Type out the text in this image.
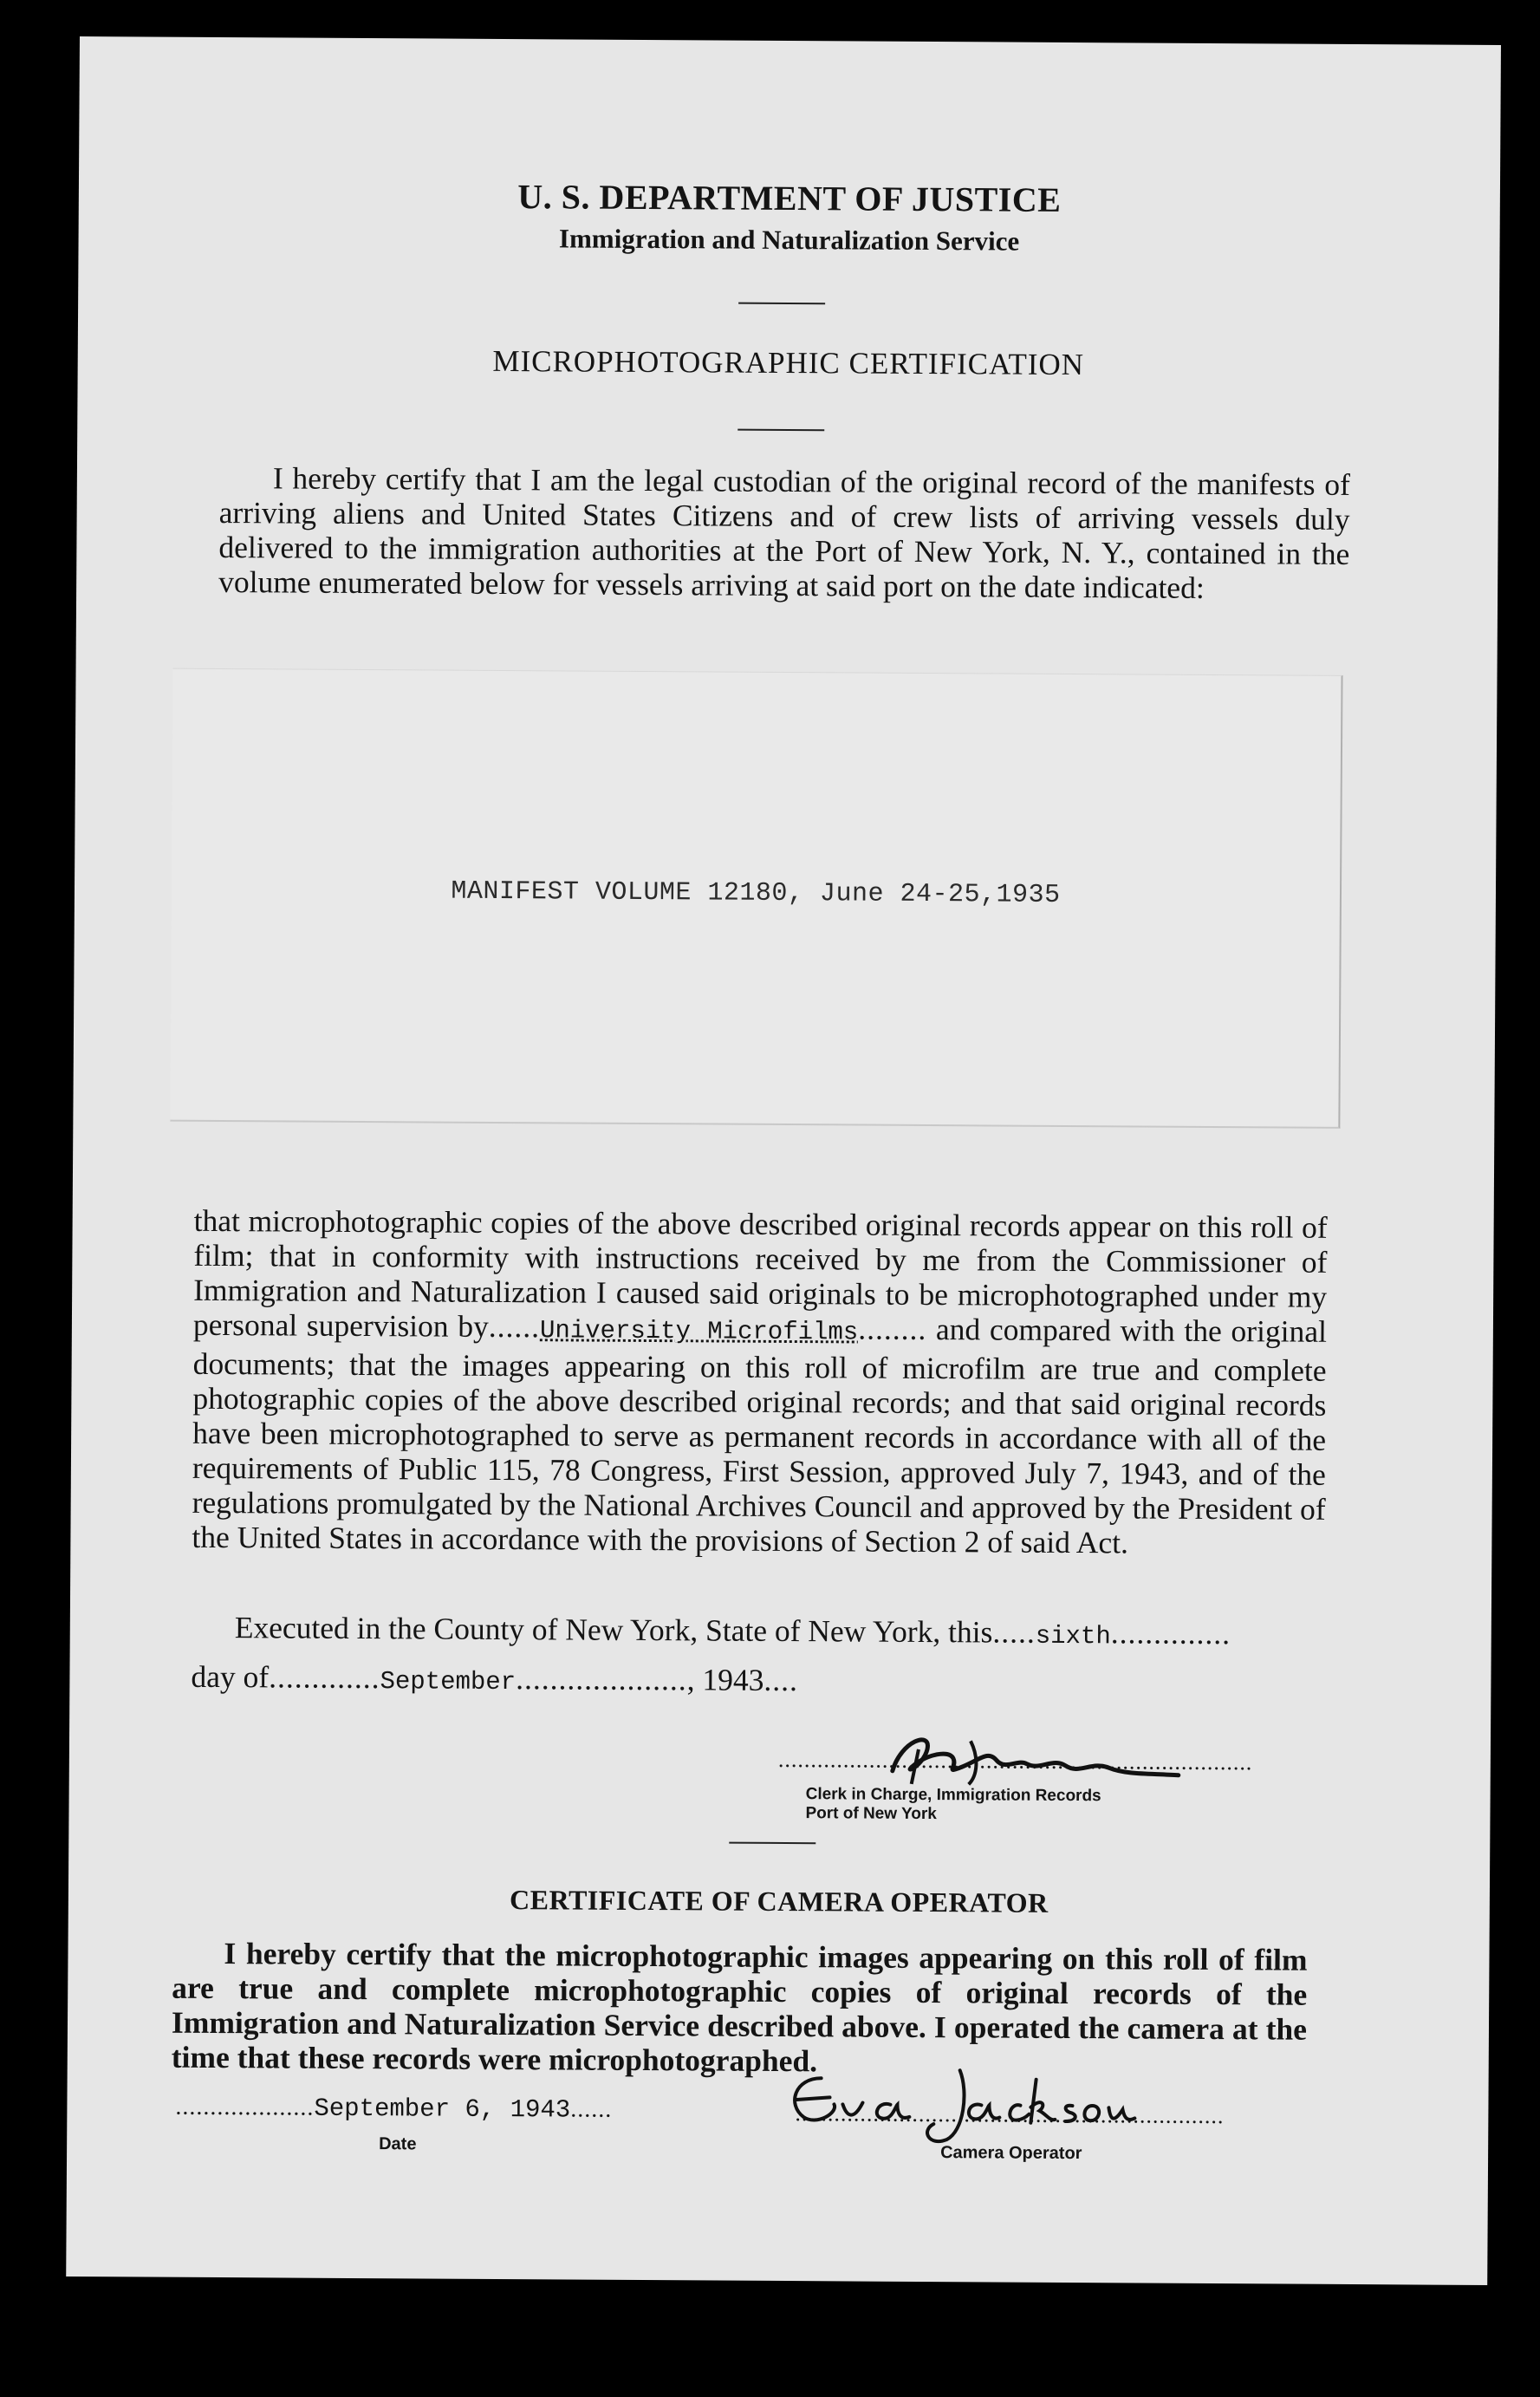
U. S. DEPARTMENT OF JUSTICE
Immigration and Naturalization Service
MICROPHOTOGRAPHIC CERTIFICATION
I hereby certify that I am the legal custodian of the original record of the manifests of arriving aliens and United States Citizens and of crew lists of arriving vessels duly delivered to the immigration authorities at the Port of New York, N. Y., contained in the volume enumerated below for vessels arriving at said port on the date indicated:
MANIFEST VOLUME 12180, June 24-25,1935
that microphotographic copies of the above described original records appear on this roll of film; that in conformity with instructions received by me from the Commissioner of Immigration and Naturalization I caused said originals to be microphotographed under my personal supervision by......University Microfilms........ and compared with the original documents; that the images appearing on this roll of microfilm are true and complete photographic copies of the above described original records; and that said original records have been microphotographed to serve as permanent records in accordance with all of the requirements of Public 115, 78 Congress, First Session, approved July 7, 1943, and of the regulations promulgated by the National Archives Council and approved by the President of the United States in accordance with the provisions of Section 2 of said Act.
Executed in the County of New York, State of New York, this.....sixth..............
day of.............September...................., 1943....
.........................................................................
Clerk in Charge, Immigration Records
Port of New York
CERTIFICATE OF CAMERA OPERATOR
I hereby certify that the microphotographic images appearing on this roll of film are true and complete microphotographic copies of original records of the Immigration and Naturalization Service described above. I operated the camera at the time that these records were microphotographed.
....................September 6, 1943......
Date
..................................................................
Camera Operator
